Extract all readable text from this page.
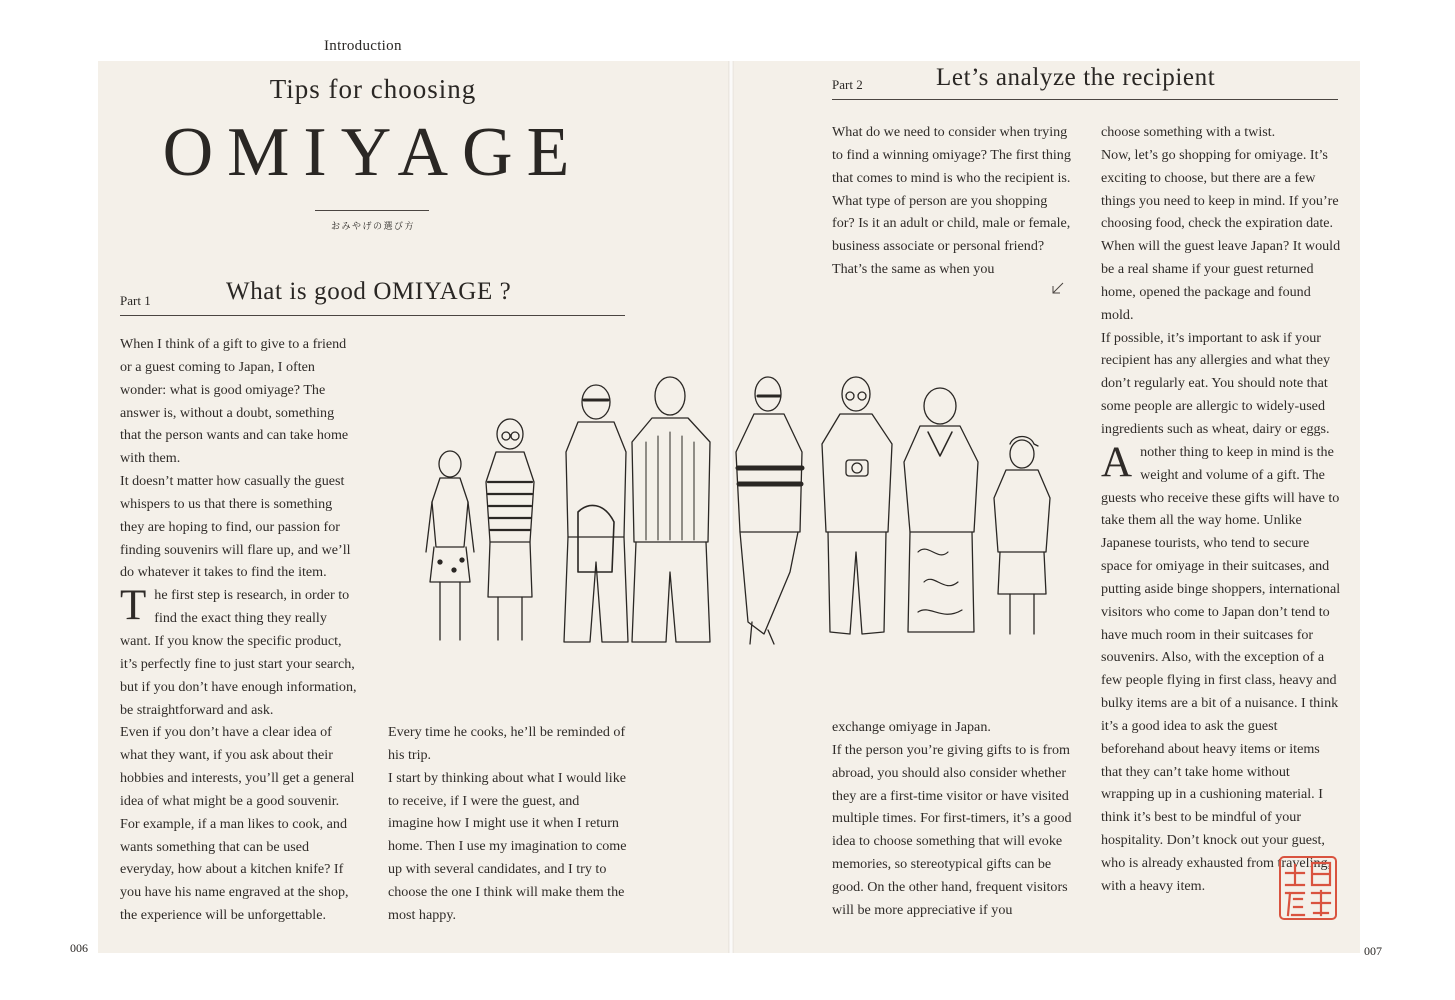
Introduction
Tips for choosing
OMIYAGE
おみやげの選び方
Part 1	What is good OMIYAGE ?

When I think of a gift to give to a friend or a guest coming to Japan, I often wonder: what is good omiyage? The answer is, without a doubt, something that the person wants and can take home with them.

It doesn’t matter how casually the guest whispers to us that there is something they are hoping to find, our passion for finding souvenirs will flare up, and we’ll do whatever it takes to find the item.

The first step is research, in order to find the exact thing they really want. If you know the specific product, it’s perfectly fine to just start your search, but if you don’t have enough information, be straightforward and ask.

Even if you don’t have a clear idea of what they want, if you ask about their hobbies and interests, you’ll get a general idea of what might be a good souvenir. For example, if a man likes to cook, and wants something that can be used everyday, how about a kitchen knife? If you have his name engraved at the shop, the experience will be unforgettable.

Every time he cooks, he’ll be reminded of his trip.

I start by thinking about what I would like to receive, if I were the guest, and imagine how I might use it when I return home. Then I use my imagination to come up with several candidates, and I try to choose the one I think will make them the most happy.

Part 2	Let’s analyze the recipient
What do we need to consider when trying to find a winning omiyage? The first thing that comes to mind is who the recipient is. What type of person are you shopping for? Is it an adult or child, male or female, business associate or personal friend? That’s the same as when you

exchange omiyage in Japan.

If the person you’re giving gifts to is from abroad, you should also consider whether they are a first-time visitor or have visited multiple times. For first-timers, it’s a good idea to choose something that will evoke memories, so stereotypical gifts can be good. On the other hand, frequent visitors will be more appreciative if you

choose something with a twist.

Now, let’s go shopping for omiyage. It’s exciting to choose, but there are a few things you need to keep in mind. If you’re choosing food, check the expiration date. When will the guest leave Japan? It would be a real shame if your guest returned home, opened the package and found mold.

If possible, it’s important to ask if your recipient has any allergies and what they don’t regularly eat. You should note that some people are allergic to widely-used ingredients such as wheat, dairy or eggs.

Another thing to keep in mind is the weight and volume of a gift. The guests who receive these gifts will have to take them all the way home. Unlike Japanese tourists, who tend to secure space for omiyage in their suitcases, and putting aside binge shoppers, international visitors who come to Japan don’t tend to have much room in their suitcases for souvenirs. Also, with the exception of a few people flying in first class, heavy and bulky items are a bit of a nuisance. I think it’s a good idea to ask the guest beforehand about heavy items or items that they can’t take home without wrapping up in a cushioning material. I think it’s best to be mindful of your hospitality. Don’t knock out your guest, who is already exhausted from traveling, with a heavy item.

006	007
